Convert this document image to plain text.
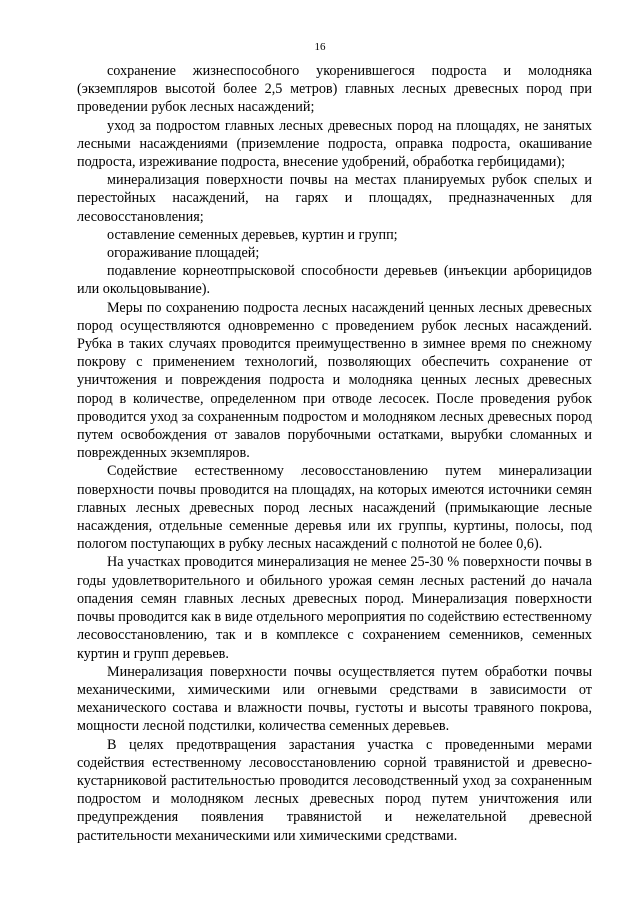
16

сохранение жизнеспособного укоренившегося подроста и молодняка (экземпляров высотой более 2,5 метров) главных лесных древесных пород при проведении рубок лесных насаждений;

уход за подростом главных лесных древесных пород на площадях, не занятых лесными насаждениями (приземление подроста, оправка подроста, окашивание подроста, изреживание подроста, внесение удобрений, обработка гербицидами);

минерализация поверхности почвы на местах планируемых рубок спелых и перестойных насаждений, на гарях и площадях, предназначенных для лесовосстановления;

оставление семенных деревьев, куртин и групп;

огораживание площадей;

подавление корнеотпрысковой способности деревьев (инъекции арборицидов или окольцовывание).

Меры по сохранению подроста лесных насаждений ценных лесных древесных пород осуществляются одновременно с проведением рубок лесных насаждений. Рубка в таких случаях проводится преимущественно в зимнее время по снежному покрову с применением технологий, позволяющих обеспечить сохранение от уничтожения и повреждения подроста и молодняка ценных лесных древесных пород в количестве, определенном при отводе лесосек. После проведения рубок проводится уход за сохраненным подростом и молодняком лесных древесных пород путем освобождения от завалов порубочными остатками, вырубки сломанных и поврежденных экземпляров.

Содействие естественному лесовосстановлению путем минерализации поверхности почвы проводится на площадях, на которых имеются источники семян главных лесных древесных пород лесных насаждений (примыкающие лесные насаждения, отдельные семенные деревья или их группы, куртины, полосы, под пологом поступающих в рубку лесных насаждений с полнотой не более 0,6).

На участках проводится минерализация не менее 25-30 % поверхности почвы в годы удовлетворительного и обильного урожая семян лесных растений до начала опадения семян главных лесных древесных пород. Минерализация поверхности почвы проводится как в виде отдельного мероприятия по содействию естественному лесовосстановлению, так и в комплексе с сохранением семенников, семенных куртин и групп деревьев.

Минерализация поверхности почвы осуществляется путем обработки почвы механическими, химическими или огневыми средствами в зависимости от механического состава и влажности почвы, густоты и высоты травяного покрова, мощности лесной подстилки, количества семенных деревьев.

В целях предотвращения зарастания участка с проведенными мерами содействия естественному лесовосстановлению сорной травянистой и древесно-кустарниковой растительностью проводится лесоводственный уход за сохраненным подростом и молодняком лесных древесных пород путем уничтожения или предупреждения появления травянистой и нежелательной древесной растительности механическими или химическими средствами.
